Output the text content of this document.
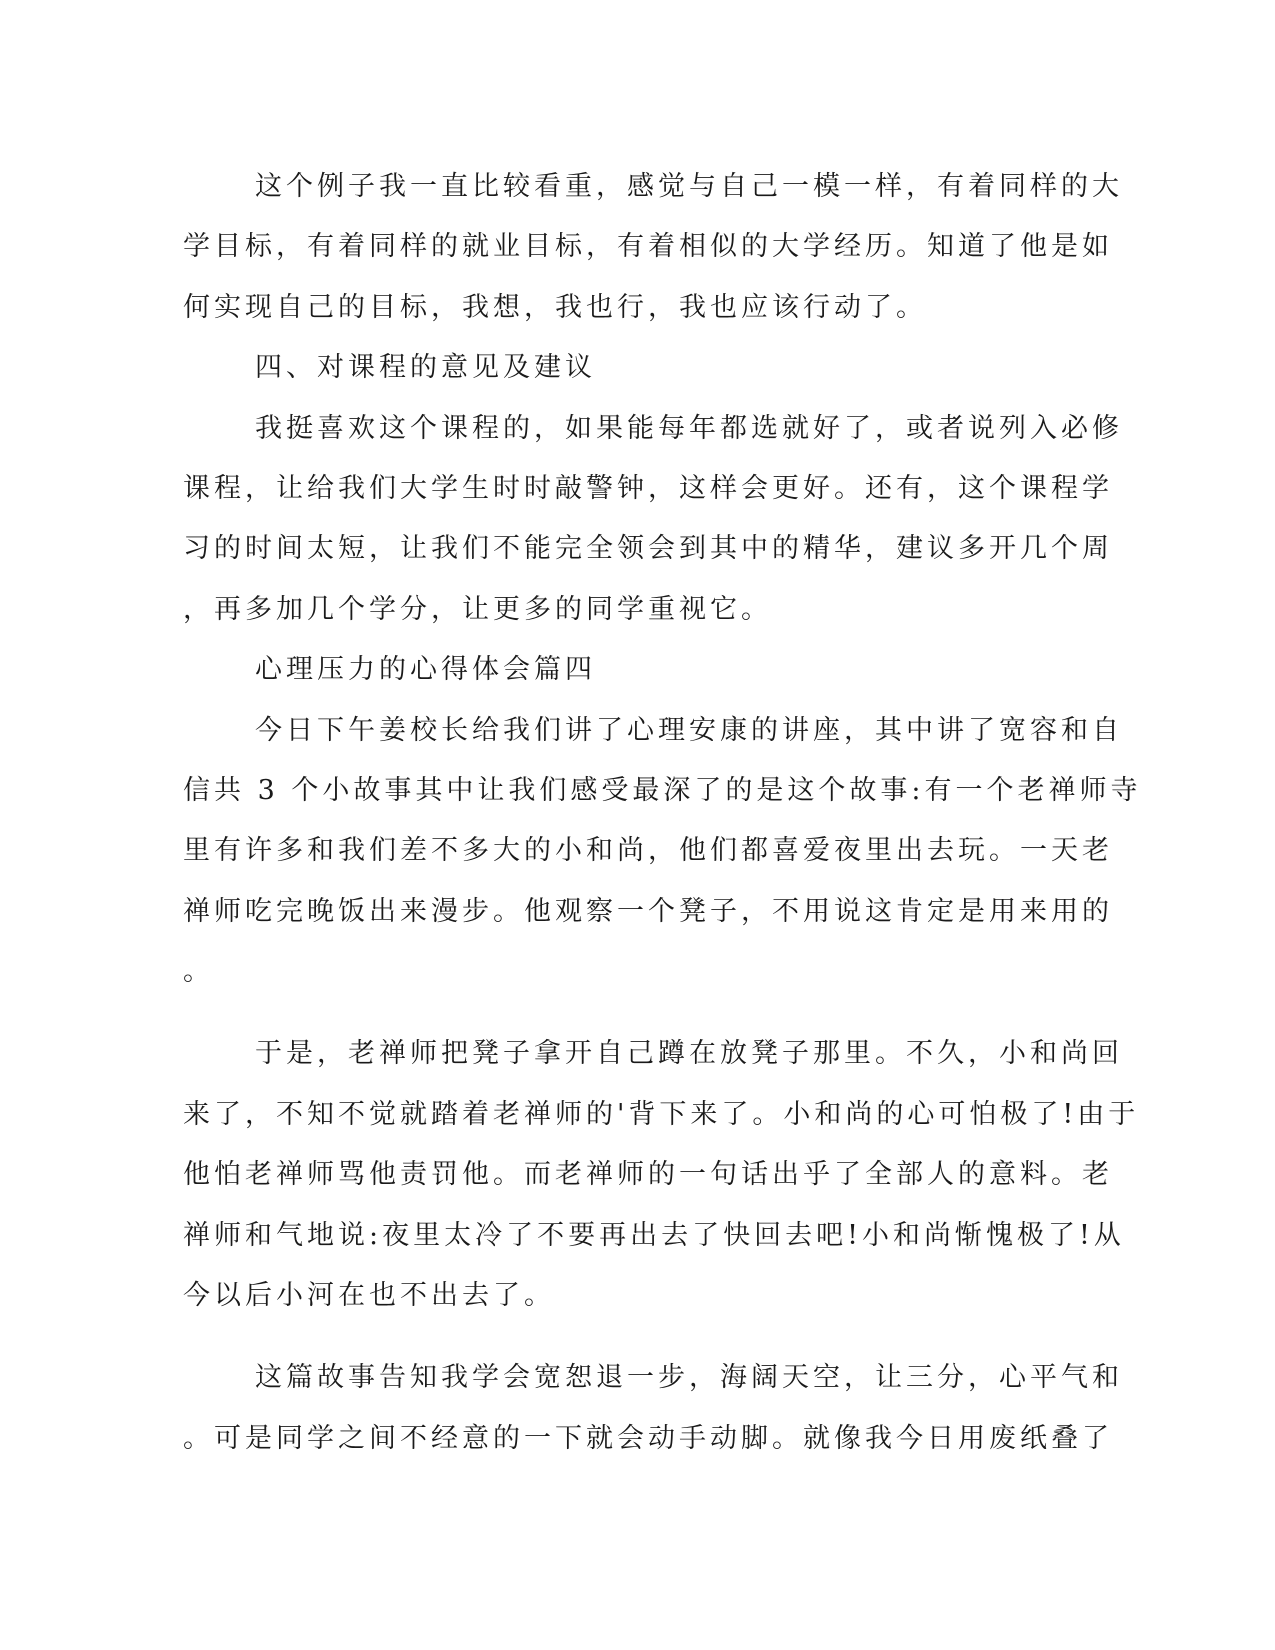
这个例子我一直比较看重，感觉与自己一模一样，有着同样的大
学目标，有着同样的就业目标，有着相似的大学经历。知道了他是如
何实现自己的目标，我想，我也行，我也应该行动了。
四、对课程的意见及建议
我挺喜欢这个课程的，如果能每年都选就好了，或者说列入必修
课程，让给我们大学生时时敲警钟，这样会更好。还有，这个课程学
习的时间太短，让我们不能完全领会到其中的精华，建议多开几个周
，再多加几个学分，让更多的同学重视它。
心理压力的心得体会篇四
今日下午姜校长给我们讲了心理安康的讲座，其中讲了宽容和自
信共 3 个小故事其中让我们感受最深了的是这个故事:有一个老禅师寺
里有许多和我们差不多大的小和尚，他们都喜爱夜里出去玩。一天老
禅师吃完晚饭出来漫步。他观察一个凳子，不用说这肯定是用来用的
。
于是，老禅师把凳子拿开自己蹲在放凳子那里。不久，小和尚回
来了，不知不觉就踏着老禅师的'背下来了。小和尚的心可怕极了!由于
他怕老禅师骂他责罚他。而老禅师的一句话出乎了全部人的意料。老
禅师和气地说:夜里太冷了不要再出去了快回去吧!小和尚惭愧极了!从
今以后小河在也不出去了。
这篇故事告知我学会宽恕退一步，海阔天空，让三分，心平气和
。可是同学之间不经意的一下就会动手动脚。就像我今日用废纸叠了
